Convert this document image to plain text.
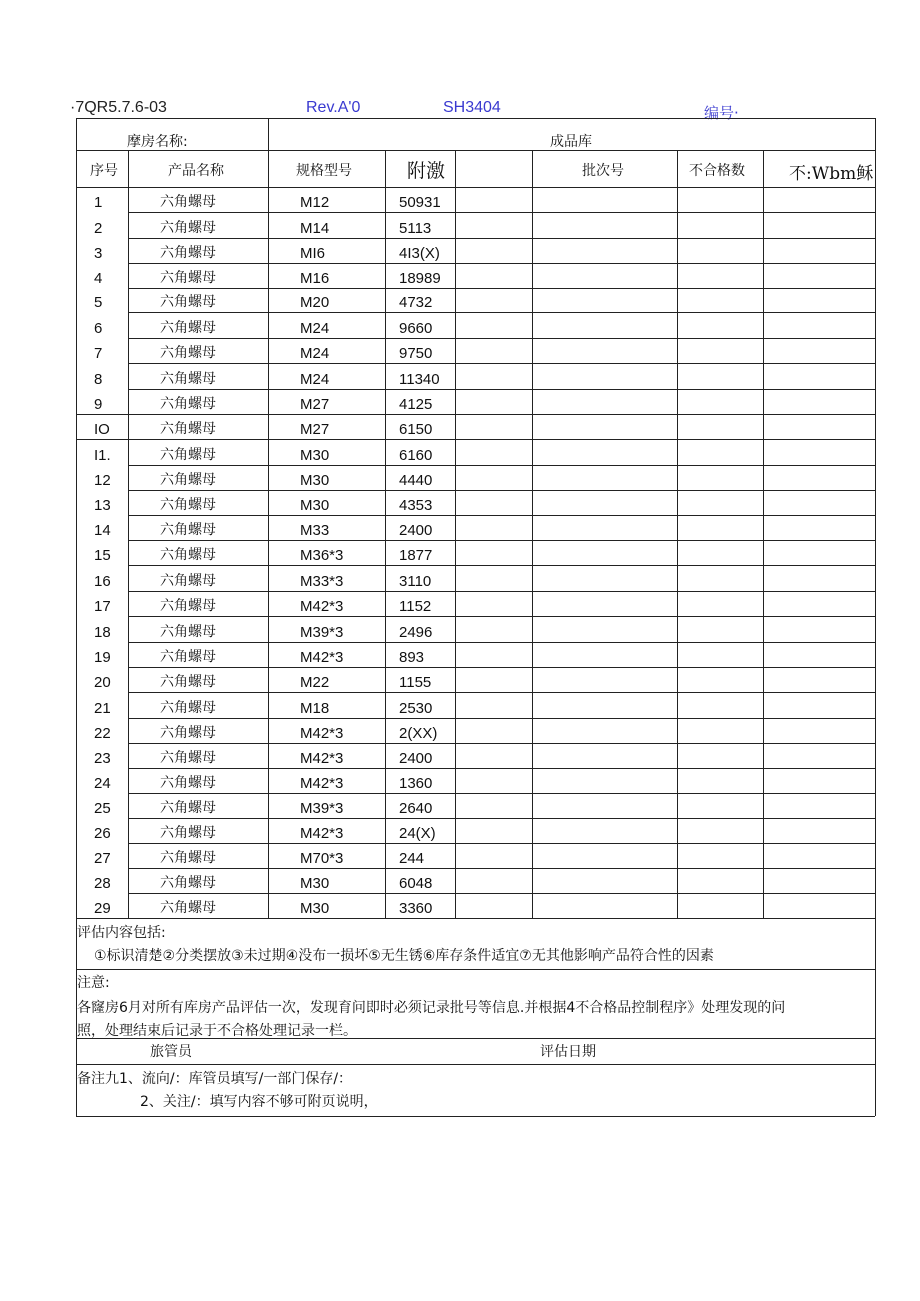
·7QR5.7.6-03	Rev.A'0	SH3404	编号·
摩房名称:	成品库
序号	产品名称	规格型号	附激	批次号	不合格数	不:Wbm稣
1	六角螺母	M12	50931
2	六角螺母	M14	5113
3	六角螺母	MI6	4I3(X)
4	六角螺母	M16	18989
5	六角螺母	M20	4732
6	六角螺母	M24	9660
7	六角螺母	M24	9750
8	六角螺母	M24	11340
9	六角螺母	M27	4125
IO	六角螺母	M27	6150
I1.	六角螺母	M30	6160
12	六角螺母	M30	4440
13	六角螺母	M30	4353
14	六角螺母	M33	2400
15	六角螺母	M36*3	1877
16	六角螺母	M33*3	3110
17	六角螺母	M42*3	1152
18	六角螺母	M39*3	2496
19	六角螺母	M42*3	893
20	六角螺母	M22	1155
21	六角螺母	M18	2530
22	六角螺母	M42*3	2(XX)
23	六角螺母	M42*3	2400
24	六角螺母	M42*3	1360
25	六角螺母	M39*3	2640
26	六角螺母	M42*3	24(X)
27	六角螺母	M70*3	244
28	六角螺母	M30	6048
29	六角螺母	M30	3360
评估内容包括:
①标识清楚②分类摆放③未过期④没布一损坏⑤无生锈⑥库存条件适宜⑦无其他影响产品符合性的因素
注意:
各窿房6月对所有库房产品评估一次，发现育问即时必须记录批号等信息.并根据4不合格品控制程序》处理发现的问
照，处理结束后记录于不合格处理记录一栏。
旅管员	评估日期
备注九1、流向/：库管员填写/一部门保存/：
2、关注/：填写内容不够可附页说明，
